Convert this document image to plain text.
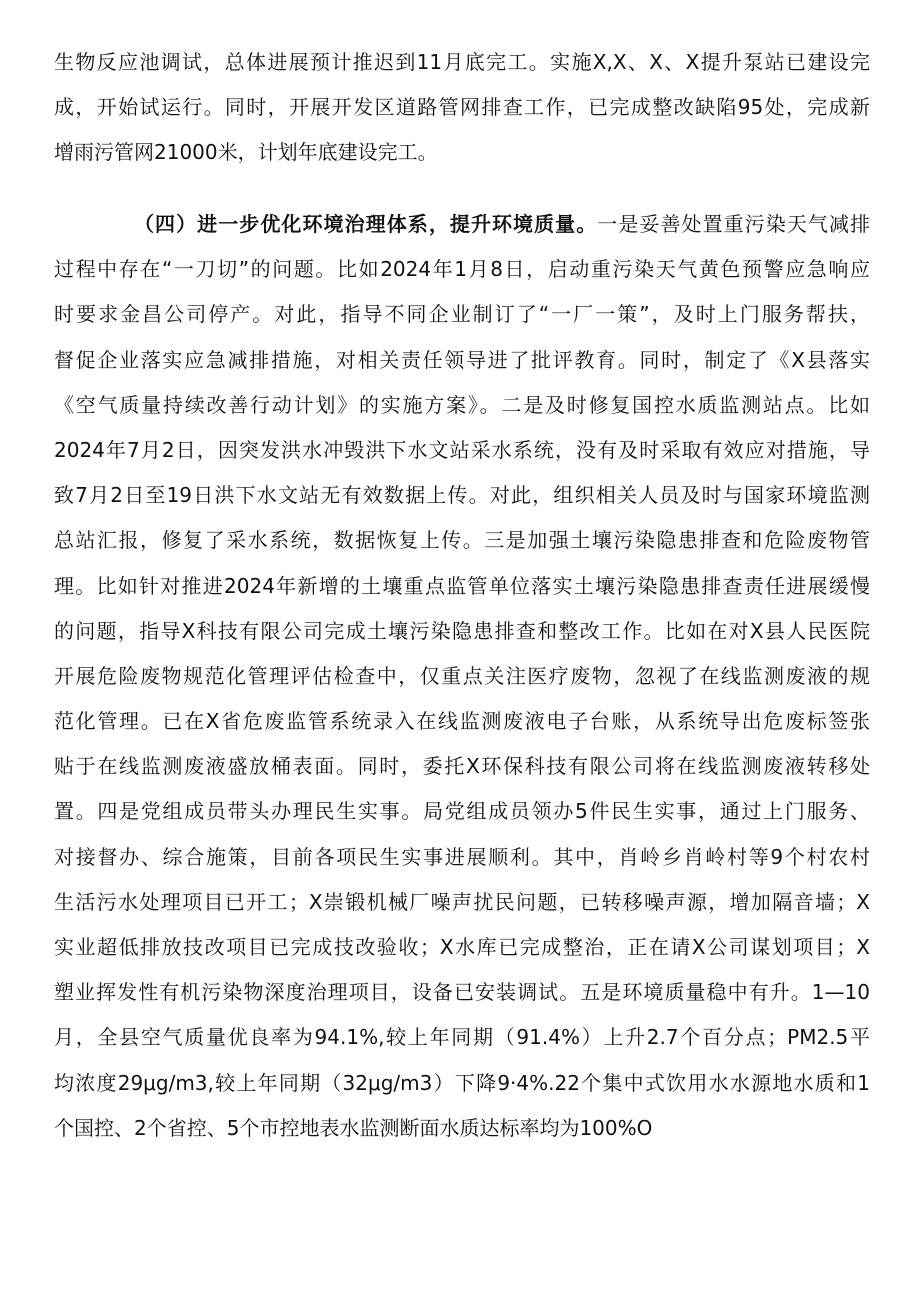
生物反应池调试，总体进展预计推迟到11月底完工。实施X,X、X、X提升泵站已建设完
成，开始试运行。同时，开展开发区道路管网排查工作，已完成整改缺陷95处，完成新
增雨污管网21000米，计划年底建设完工。
（四）进一步优化环境治理体系，提升环境质量。一是妥善处置重污染天气减排
过程中存在“一刀切”的问题。比如2024年1月8日，启动重污染天气黄色预警应急响应
时要求金昌公司停产。对此，指导不同企业制订了“一厂一策”，及时上门服务帮扶，
督促企业落实应急减排措施，对相关责任领导进了批评教育。同时，制定了《X县落实
《空气质量持续改善行动计划》的实施方案》。二是及时修复国控水质监测站点。比如
2024年7月2日，因突发洪水冲毁洪下水文站采水系统，没有及时采取有效应对措施，导
致7月2日至19日洪下水文站无有效数据上传。对此，组织相关人员及时与国家环境监测
总站汇报，修复了采水系统，数据恢复上传。三是加强土壤污染隐患排查和危险废物管
理。比如针对推进2024年新增的土壤重点监管单位落实土壤污染隐患排查责任进展缓慢
的问题，指导X科技有限公司完成土壤污染隐患排查和整改工作。比如在对X县人民医院
开展危险废物规范化管理评估检查中，仅重点关注医疗废物，忽视了在线监测废液的规
范化管理。已在X省危废监管系统录入在线监测废液电子台账，从系统导出危废标签张
贴于在线监测废液盛放桶表面。同时，委托X环保科技有限公司将在线监测废液转移处
置。四是党组成员带头办理民生实事。局党组成员领办5件民生实事，通过上门服务、
对接督办、综合施策，目前各项民生实事进展顺利。其中，肖岭乡肖岭村等9个村农村
生活污水处理项目已开工；X崇锻机械厂噪声扰民问题，已转移噪声源，增加隔音墙；X
实业超低排放技改项目已完成技改验收；X水库已完成整治，正在请X公司谋划项目；X
塑业挥发性有机污染物深度治理项目，设备已安装调试。五是环境质量稳中有升。1—10
月，全县空气质量优良率为94.1%,较上年同期（91.4%）上升2.7个百分点；PM2.5平
均浓度29μg/m3,较上年同期（32μg/m3）下降9·4%.22个集中式饮用水水源地水质和1
个国控、2个省控、5个市控地表水监测断面水质达标率均为100%O
